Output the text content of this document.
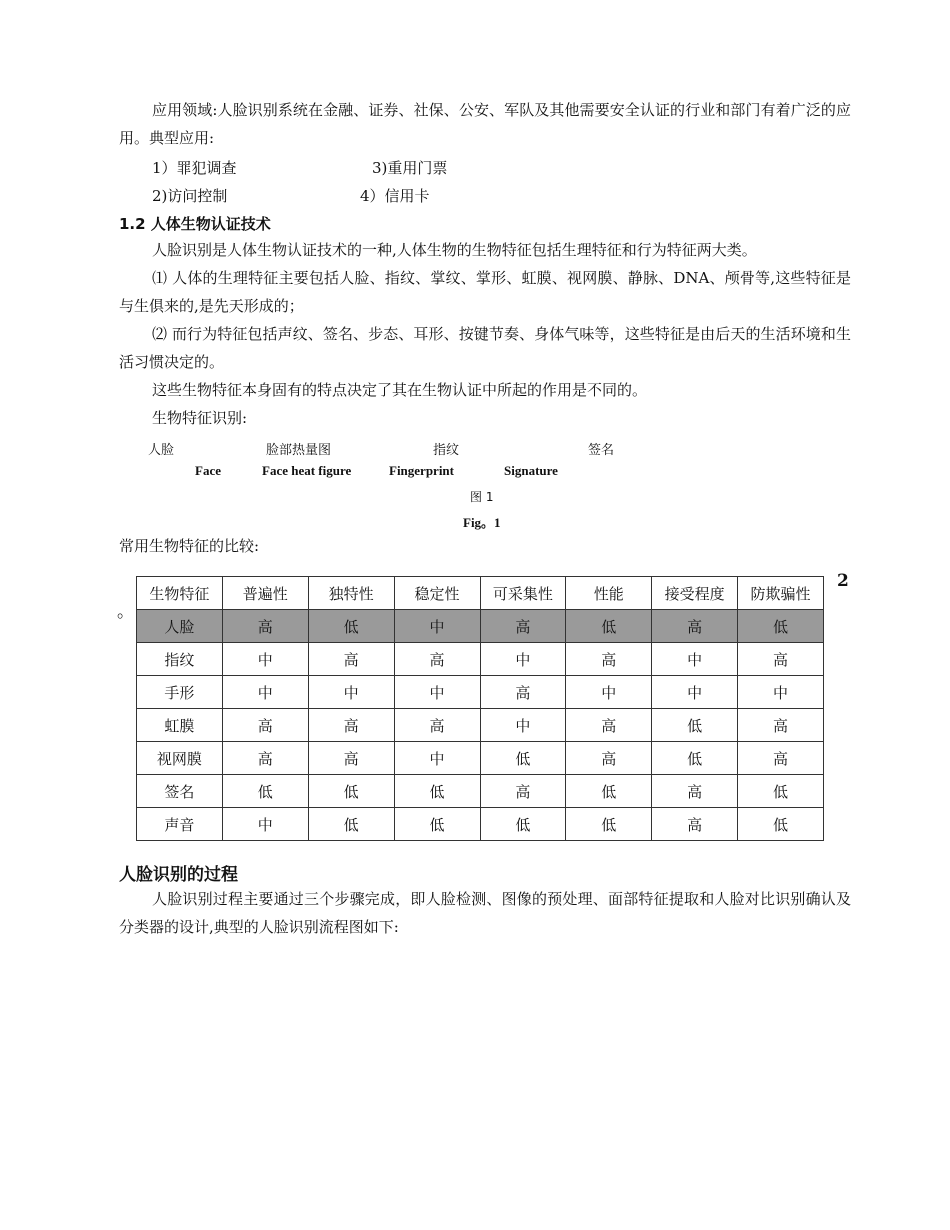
应用领域:人脸识别系统在金融、证券、社保、公安、军队及其他需要安全认证的行业和部门有着广泛的应用。典型应用:
1）罪犯调查	3)重用门票
2)访问控制	4）信用卡
1.2 人体生物认证技术
人脸识别是人体生物认证技术的一种,人体生物的生物特征包括生理特征和行为特征两大类。
⑴ 人体的生理特征主要包括人脸、指纹、掌纹、掌形、虹膜、视网膜、静脉、DNA、颅骨等,这些特征是与生俱来的,是先天形成的；
⑵ 而行为特征包括声纹、签名、步态、耳形、按键节奏、身体气味等，这些特征是由后天的生活环境和生活习惯决定的。
这些生物特征本身固有的特点决定了其在生物认证中所起的作用是不同的。
生物特征识别:
人脸	脸部热量图	指纹	签名
Face	Face heat figure	Fingerprint	Signature
图 1
Fig。1
常用生物特征的比较:
。
2
生物特征	普遍性	独特性	稳定性	可采集性	性能	接受程度	防欺骗性
人脸	高	低	中	高	低	高	低
指纹	中	高	高	中	高	中	高
手形	中	中	中	高	中	中	中
虹膜	高	高	高	中	高	低	高
视网膜	高	高	中	低	高	低	高
签名	低	低	低	高	低	高	低
声音	中	低	低	低	低	高	低
人脸识别的过程
人脸识别过程主要通过三个步骤完成，即人脸检测、图像的预处理、面部特征提取和人脸对比识别确认及分类器的设计,典型的人脸识别流程图如下:
